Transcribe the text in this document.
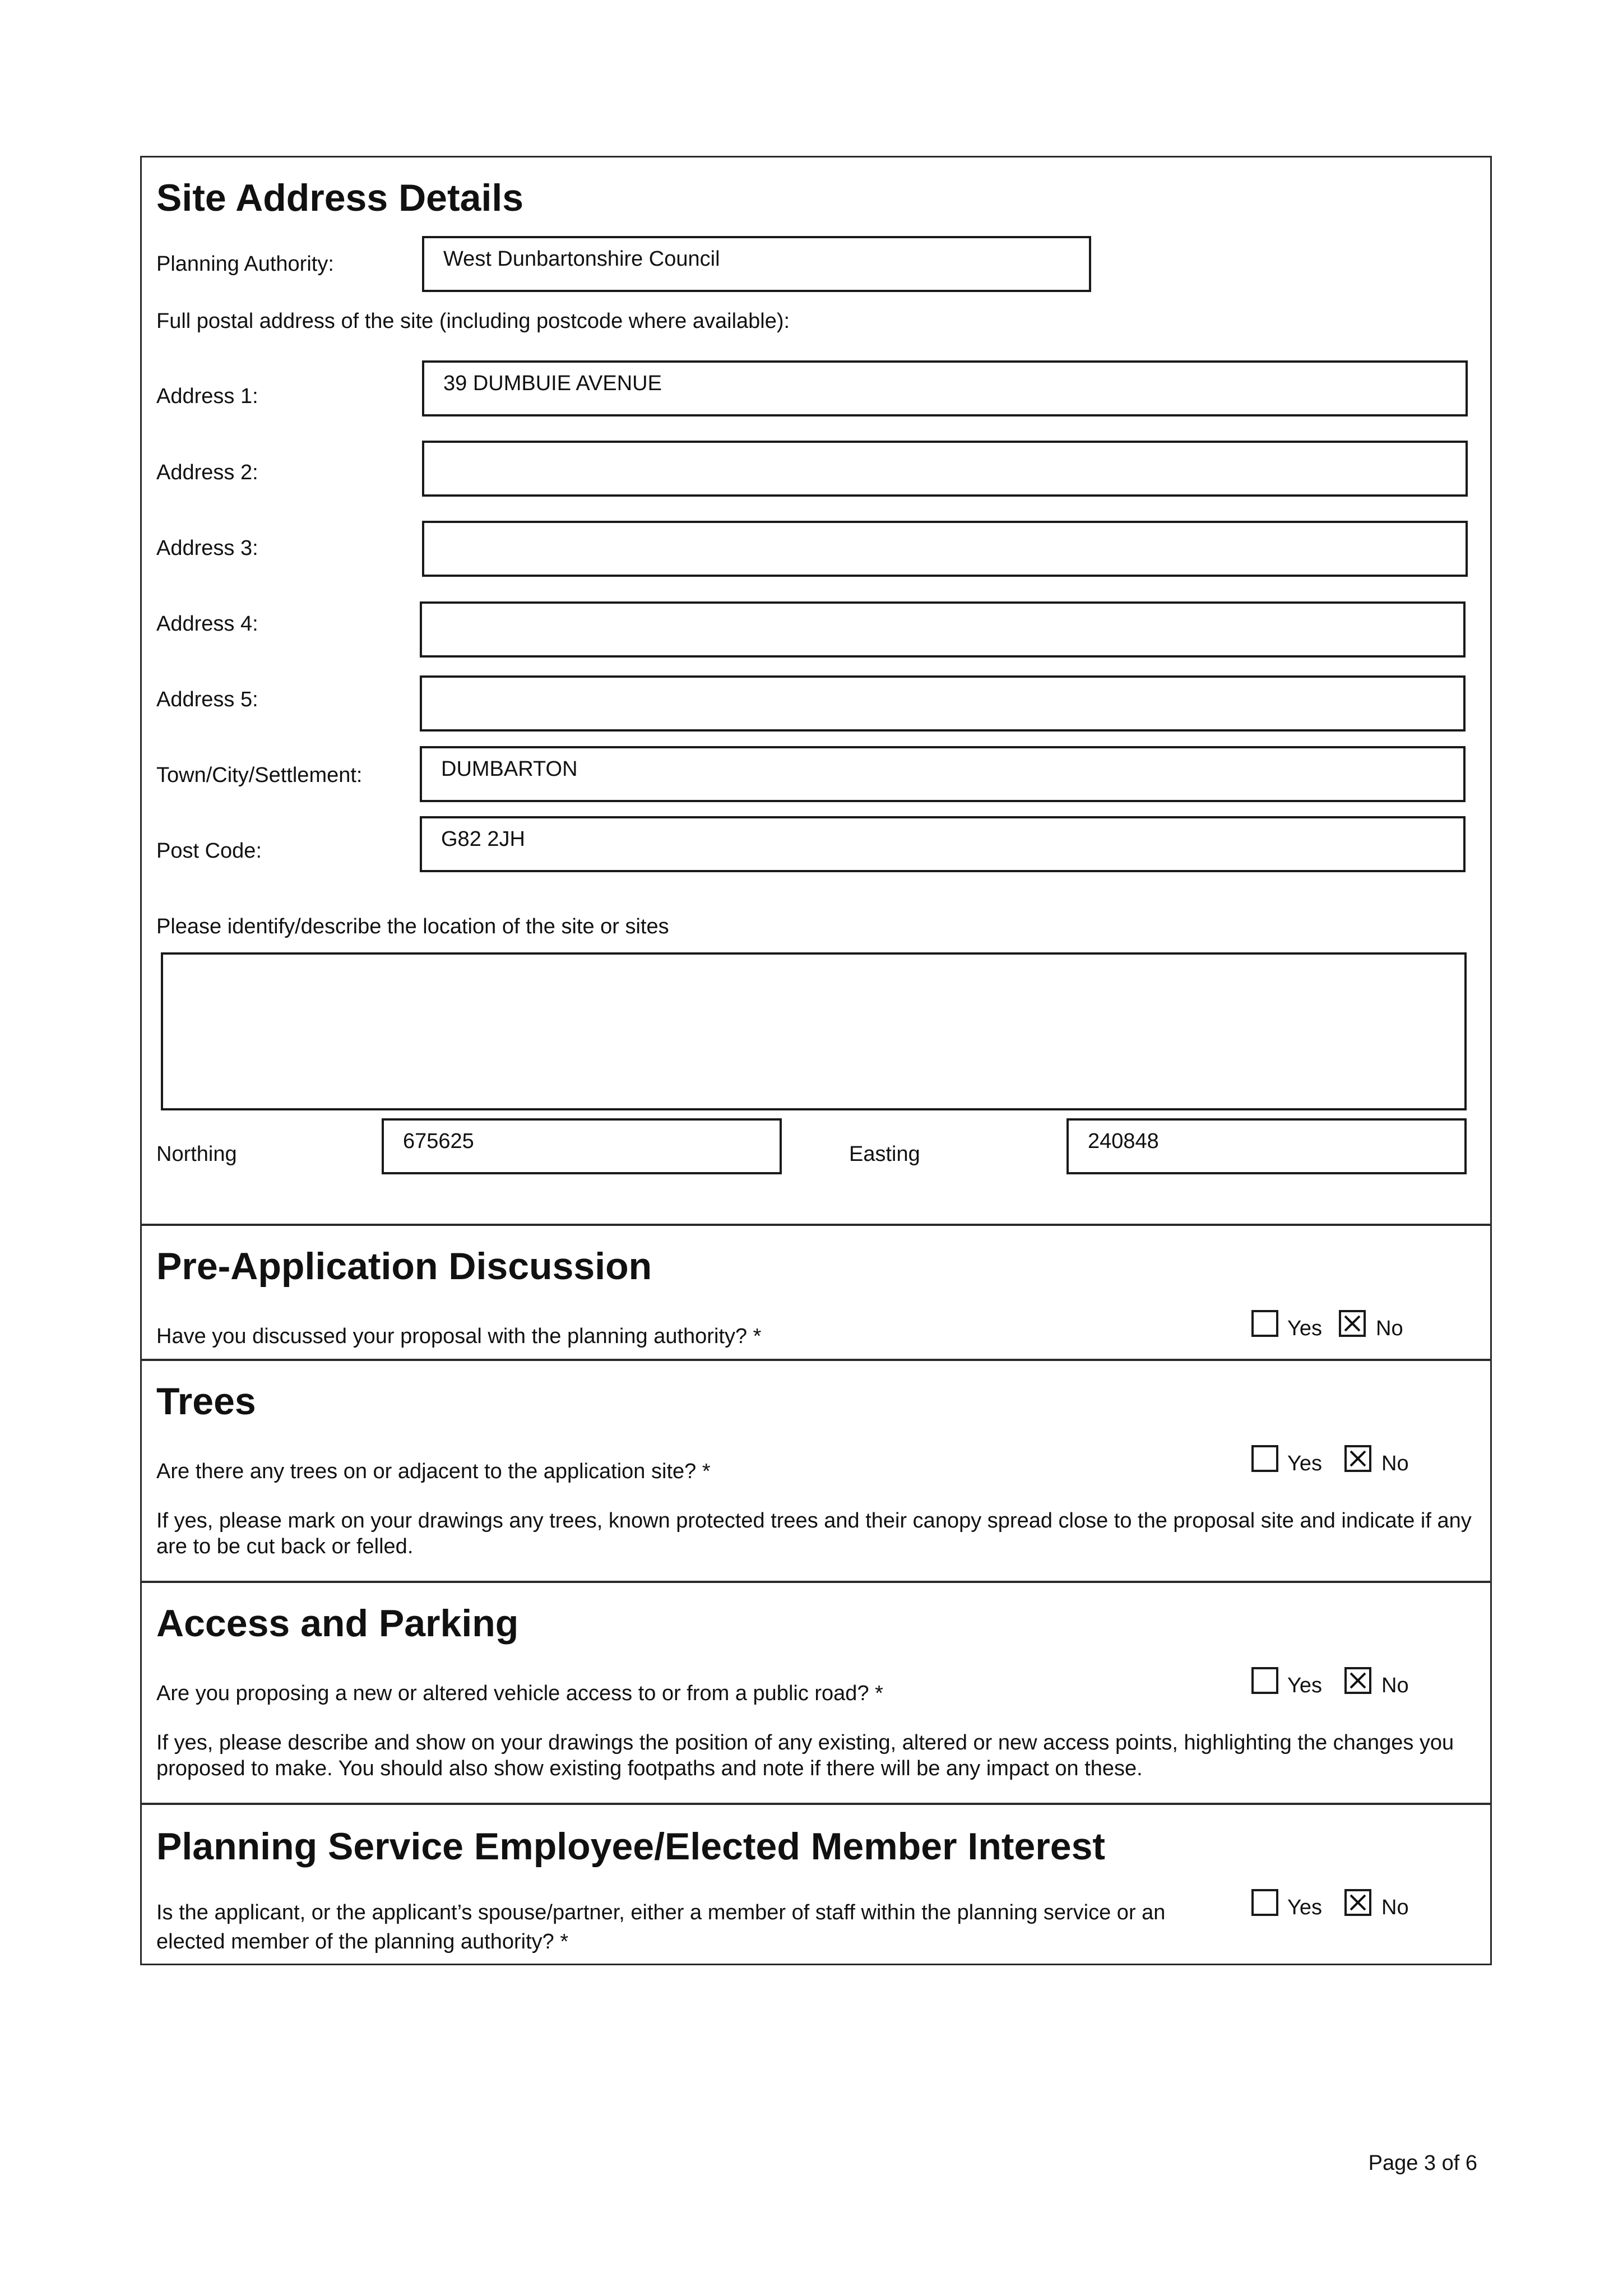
Site Address Details
Planning Authority:	West Dunbartonshire Council
Full postal address of the site (including postcode where available):
Address 1:
39 DUMBUIE AVENUE
Address 2:
Address 3:
Address 4:
Address 5:
Town/City/Settlement:	DUMBARTON
Post Code:	G82 2JH
Please identify/describe the location of the site or sites
Northing
675625
Easting
240848
Pre-Application Discussion
Have you discussed your proposal with the planning authority? *	Yes	No
Trees
Are there any trees on or adjacent to the application site? *	Yes	No
If yes, please mark on your drawings any trees, known protected trees and their canopy spread close to the proposal site and indicate if any are to be cut back or felled.
Access and Parking
Are you proposing a new or altered vehicle access to or from a public road? *	Yes	No
If yes, please describe and show on your drawings the position of any existing, altered or new access points, highlighting the changes you proposed to make. You should also show existing footpaths and note if there will be any impact on these.
Planning Service Employee/Elected Member Interest
Is the applicant, or the applicant’s spouse/partner, either a member of staff within the planning service or an elected member of the planning authority? *
Yes	No
Page 3 of 6
